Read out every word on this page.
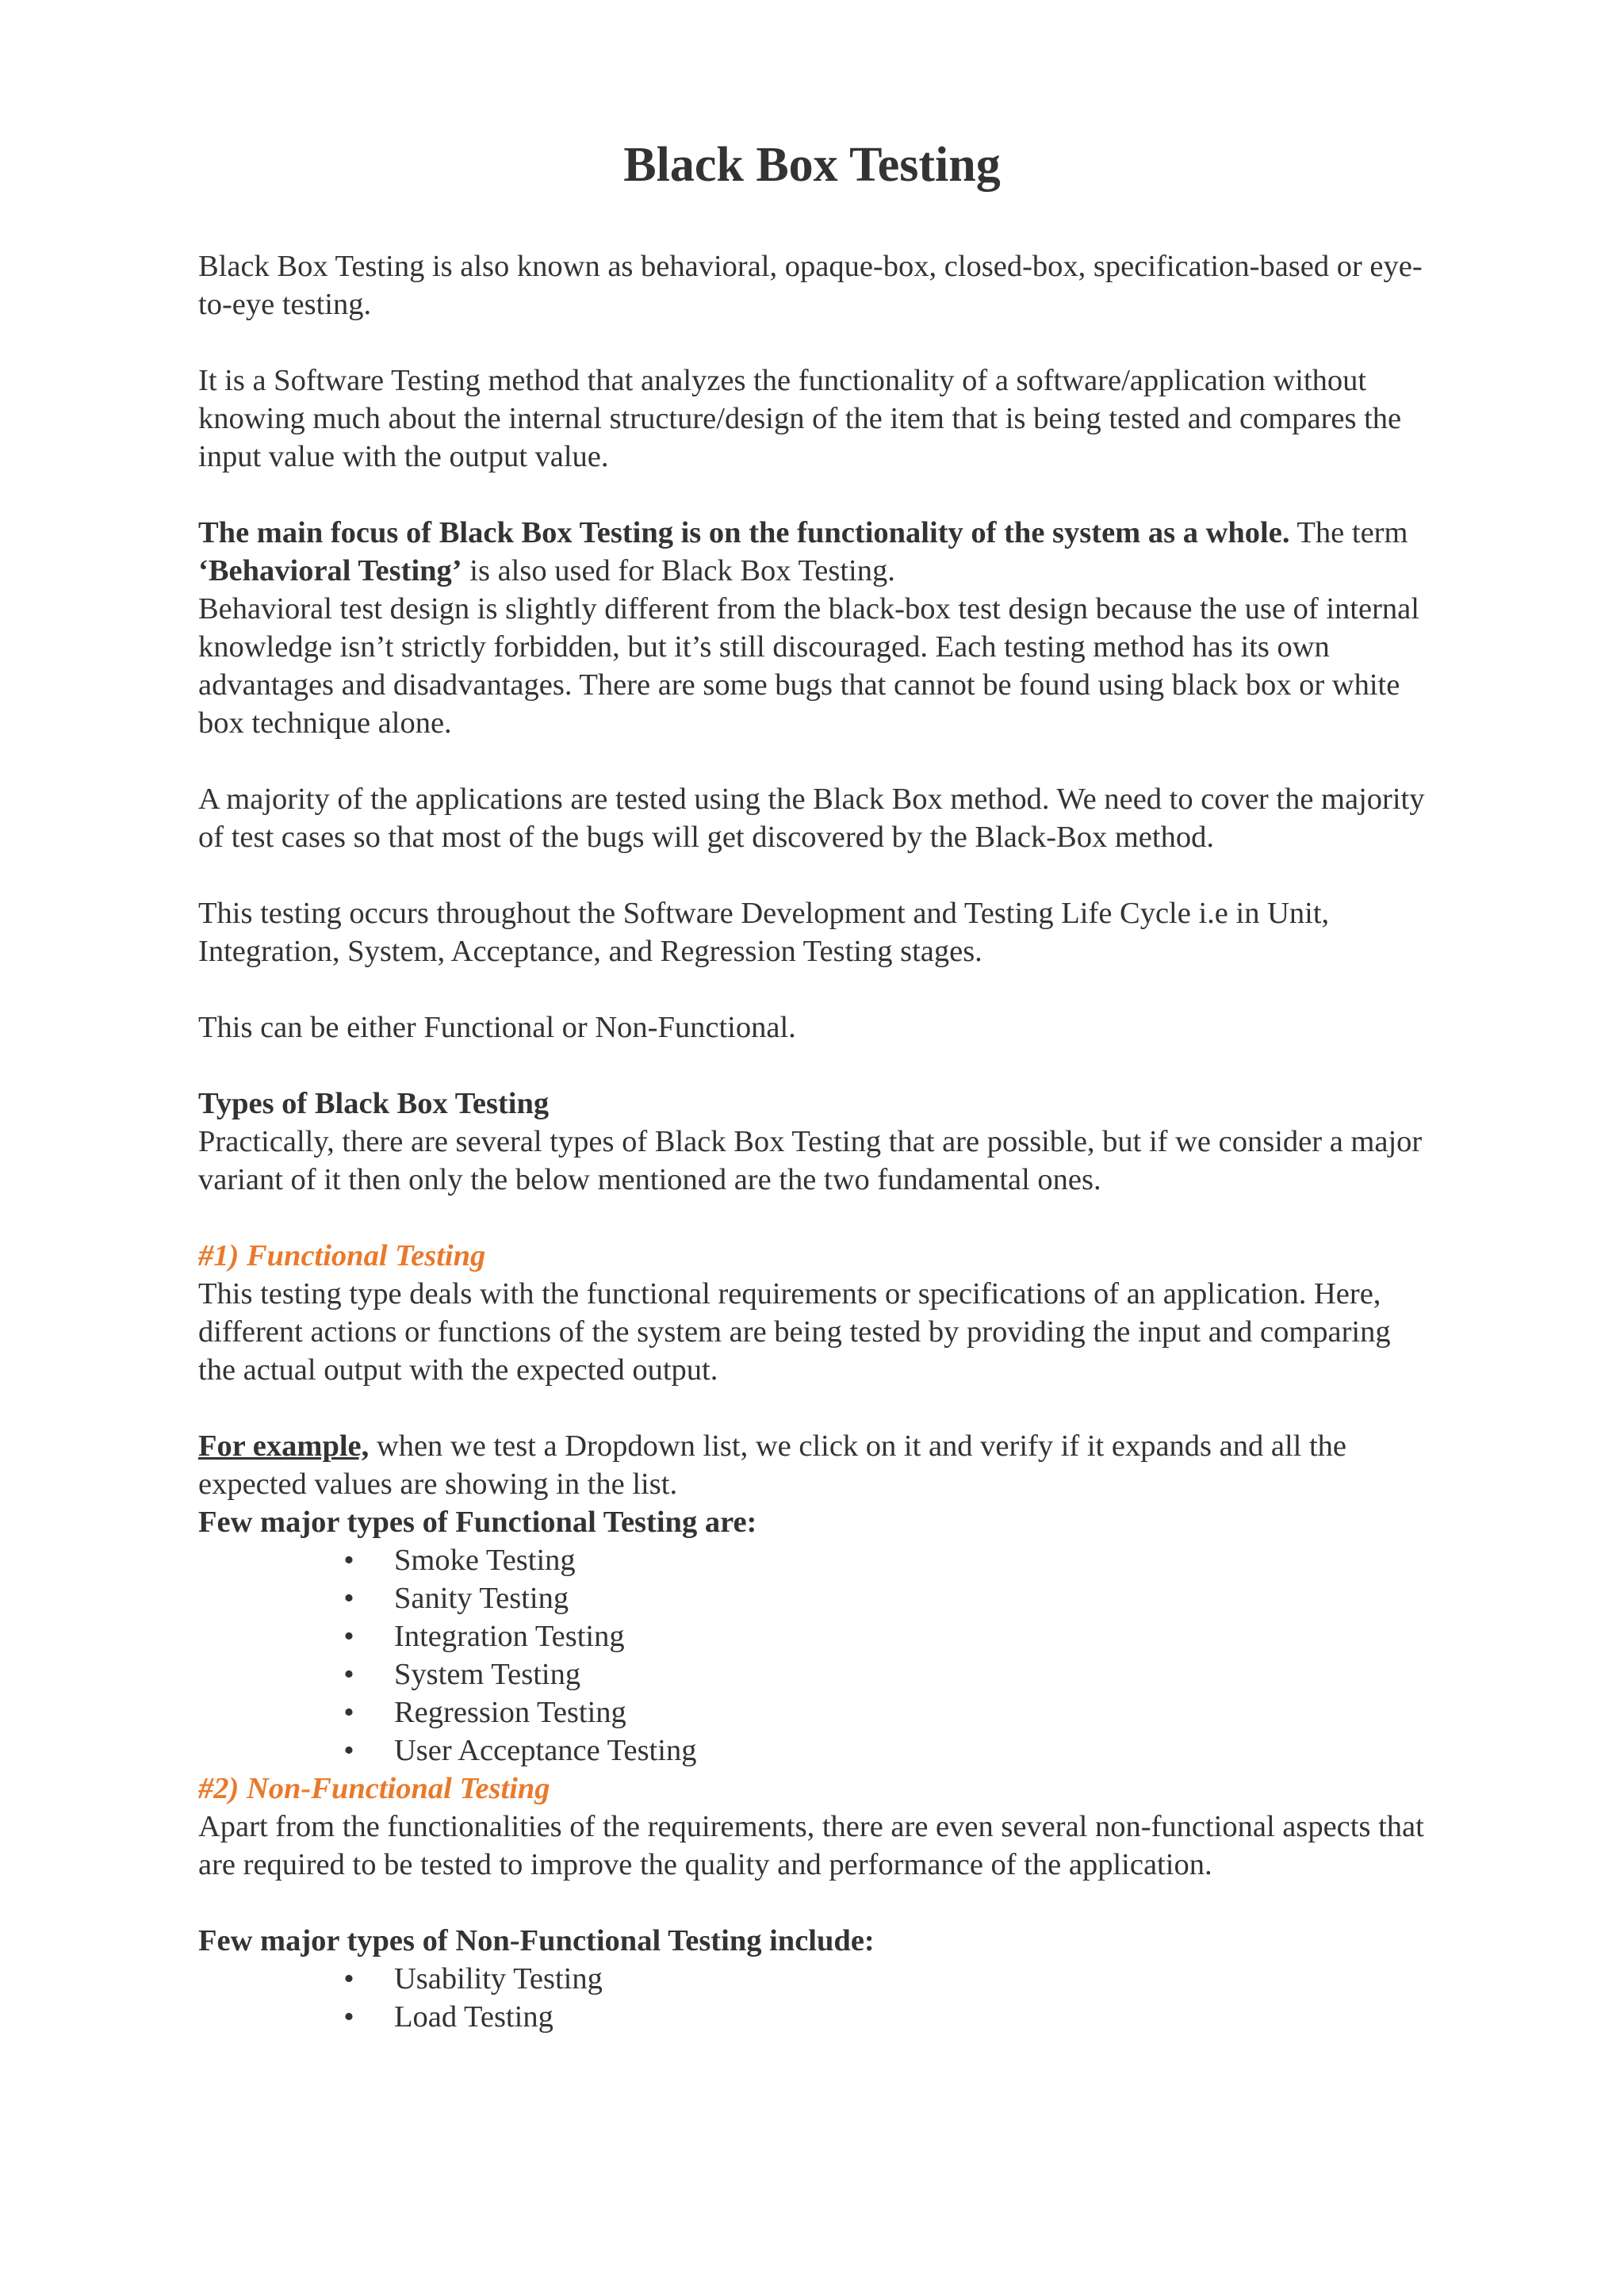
Black Box Testing

Black Box Testing is also known as behavioral, opaque-box, closed-box, specification-based or eye-to-eye testing.

It is a Software Testing method that analyzes the functionality of a software/application without knowing much about the internal structure/design of the item that is being tested and compares the input value with the output value.

The main focus of Black Box Testing is on the functionality of the system as a whole. The term ‘Behavioral Testing’ is also used for Black Box Testing.

Behavioral test design is slightly different from the black-box test design because the use of internal knowledge isn’t strictly forbidden, but it’s still discouraged. Each testing method has its own advantages and disadvantages. There are some bugs that cannot be found using black box or white box technique alone.

A majority of the applications are tested using the Black Box method. We need to cover the majority of test cases so that most of the bugs will get discovered by the Black-Box method.

This testing occurs throughout the Software Development and Testing Life Cycle i.e in Unit, Integration, System, Acceptance, and Regression Testing stages.

This can be either Functional or Non-Functional.

Types of Black Box Testing

Practically, there are several types of Black Box Testing that are possible, but if we consider a major variant of it then only the below mentioned are the two fundamental ones.

#1) Functional Testing

This testing type deals with the functional requirements or specifications of an application. Here, different actions or functions of the system are being tested by providing the input and comparing the actual output with the expected output.

For example, when we test a Dropdown list, we click on it and verify if it expands and all the expected values are showing in the list.

Few major types of Functional Testing are:

• Smoke Testing
• Sanity Testing
• Integration Testing
• System Testing
• Regression Testing
• User Acceptance Testing

#2) Non-Functional Testing

Apart from the functionalities of the requirements, there are even several non-functional aspects that are required to be tested to improve the quality and performance of the application.

Few major types of Non-Functional Testing include:

• Usability Testing
• Load Testing
